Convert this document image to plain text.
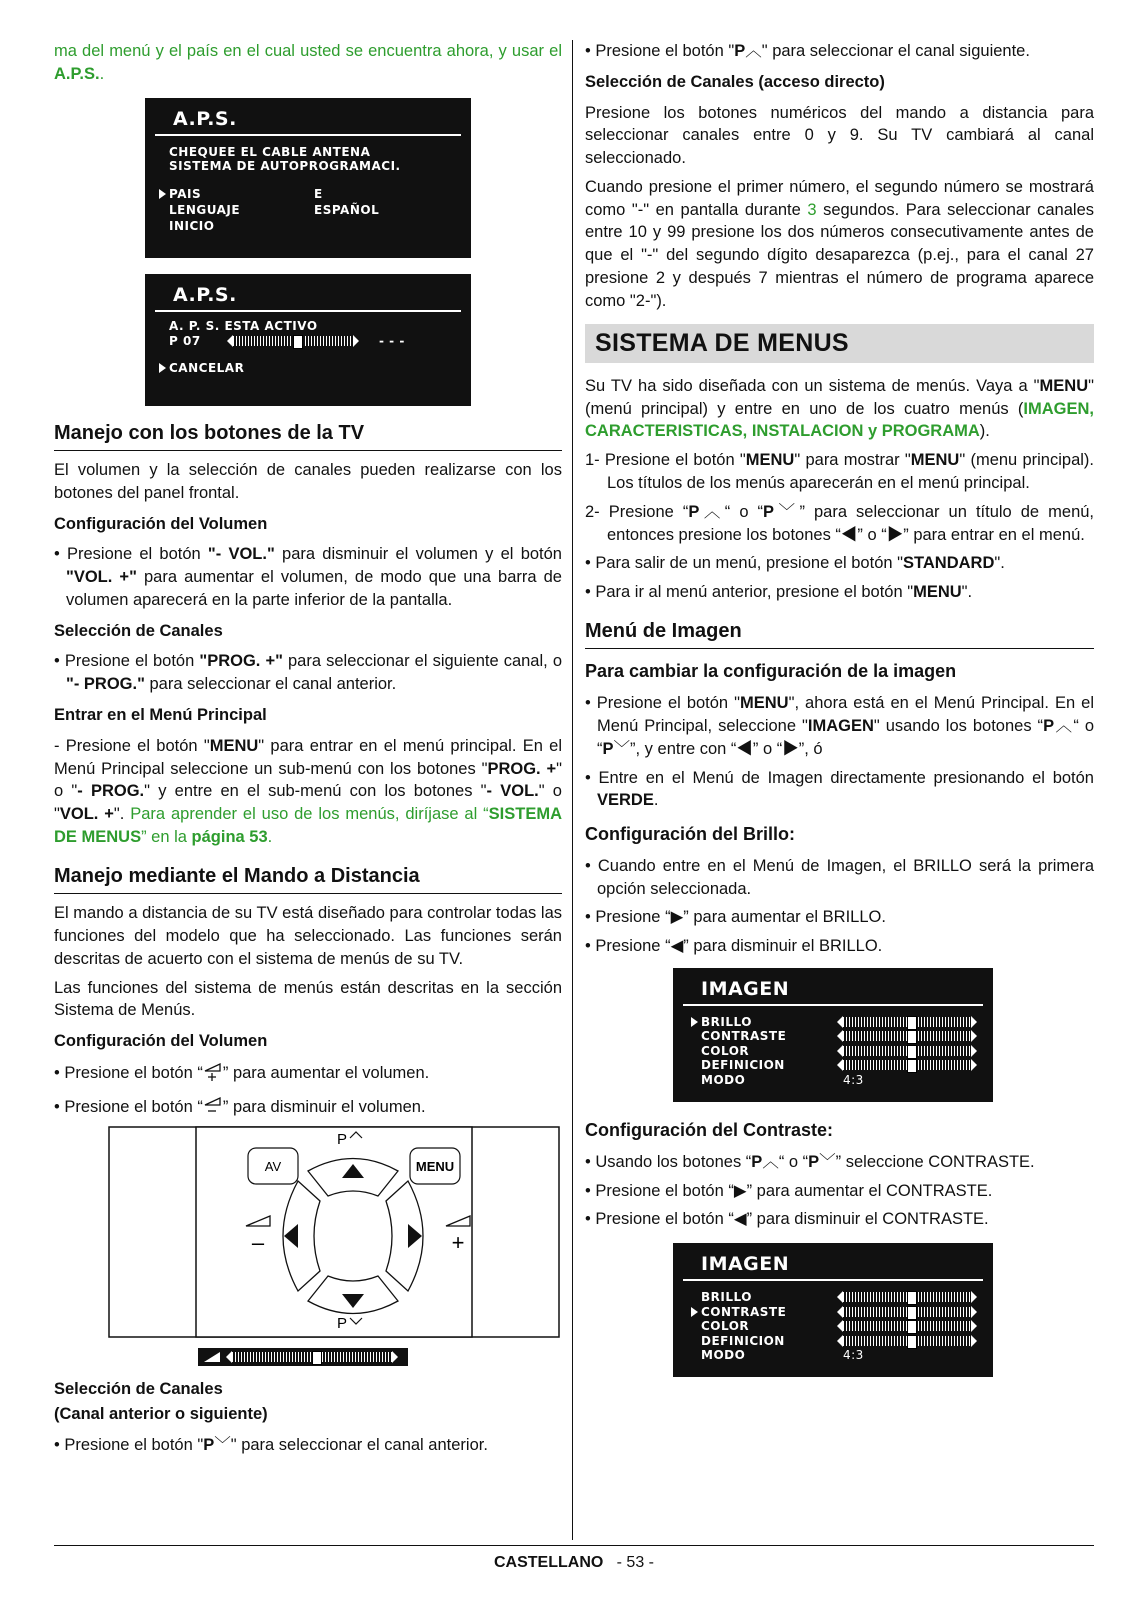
ma del menú y el país en el cual usted se encuentra ahora, y usar el A.P.S..

A.P.S.
CHEQUEE EL CABLE ANTENA
SISTEMA DE AUTOPROGRAMACI.
PAIS	E
LENGUAJE	ESPAÑOL
INICIO
A.P.S.
A. P. S. ESTA ACTIVO
P 07	- - -
CANCELAR
Manejo con los botones de la TV

El volumen y la selección de canales pueden realizarse con los botones del panel frontal.

Configuración del Volumen

• Presione el botón "- VOL." para disminuir el volumen y el botón "VOL. +" para aumentar el volumen, de modo que una barra de volumen aparecerá en la parte inferior de la pantalla.

Selección de Canales

• Presione el botón "PROG. +" para seleccionar el siguiente canal, o "- PROG." para seleccionar el canal anterior.

Entrar en el Menú Principal

- Presione el botón "MENU" para entrar en el menú principal. En el Menú Principal seleccione un sub-menú con los botones "PROG. +" o "- PROG." y entre en el sub-menú con los botones "- VOL." o "VOL. +". Para aprender el uso de los menús, diríjase al “SISTEMA DE MENUS” en la página 53.

Manejo mediante el Mando a Distancia

El mando a distancia de su TV está diseñado para controlar todas las funciones del modelo que ha seleccionado. Las funciones serán descritas de acuerto con el sistema de menús de su TV.

Las funciones del sistema de menús están descritas en la sección Sistema de Menús.

Configuración del Volumen

• Presione el botón “ ” para aumentar el volumen.

• Presione el botón “ ” para disminuir el volumen.

AV	MENU
P
P
–	+
Selección de Canales
(Canal anterior o siguiente)

• Presione el botón "P﹀" para seleccionar el canal anterior.

• Presione el botón "P︿" para seleccionar el canal siguiente.

Selección de Canales (acceso directo)

Presione los botones numéricos del mando a distancia para seleccionar canales entre 0 y 9. Su TV cambiará al canal seleccionado.

Cuando presione el primer número, el segundo número se mostrará como "-" en pantalla durante 3 segundos. Para seleccionar canales entre 10 y 99 presione los dos números consecutivamente antes de que el "-" del segundo dígito desaparezca (p.ej., para el canal 27 presione 2 y después 7 mientras el número de programa aparece como "2-").

SISTEMA DE MENUS

Su TV ha sido diseñada con un sistema de menús. Vaya a "MENU" (menú principal) y entre en uno de los cuatro menús (IMAGEN, CARACTERISTICAS, INSTALACION y PROGRAMA).

1- Presione el botón "MENU" para mostrar "MENU" (menu principal). Los títulos de los menús aparecerán en el menú principal.

2- Presione “P︿“ o “P﹀” para seleccionar un título de menú, entonces presione los botones “◀” o “▶” para entrar en el menú.

• Para salir de un menú, presione el botón "STANDARD".

• Para ir al menú anterior, presione el botón "MENU".

Menú de Imagen
Para cambiar la configuración de la imagen

• Presione el botón "MENU", ahora está en el Menú Principal. En el Menú Principal, seleccione "IMAGEN" usando los botones “P︿“ o “P﹀”, y entre con “◀” o “▶”, ó

• Entre en el Menú de Imagen directamente presionando el botón VERDE.

Configuración del Brillo:

• Cuando entre en el Menú de Imagen, el BRILLO será la primera opción seleccionada.

• Presione “▶” para aumentar el BRILLO.

• Presione “◀” para disminuir el BRILLO.

IMAGEN
BRILLO
CONTRASTE
COLOR
DEFINICION
MODO	4:3
Configuración del Contraste:

• Usando los botones “P︿“ o “P﹀” seleccione CONTRASTE.

• Presione el botón “▶” para aumentar el CONTRASTE.

• Presione el botón “◀” para disminuir el CONTRASTE.

IMAGEN
BRILLO
CONTRASTE
COLOR
DEFINICION
MODO	4:3
CASTELLANO - 53 -
